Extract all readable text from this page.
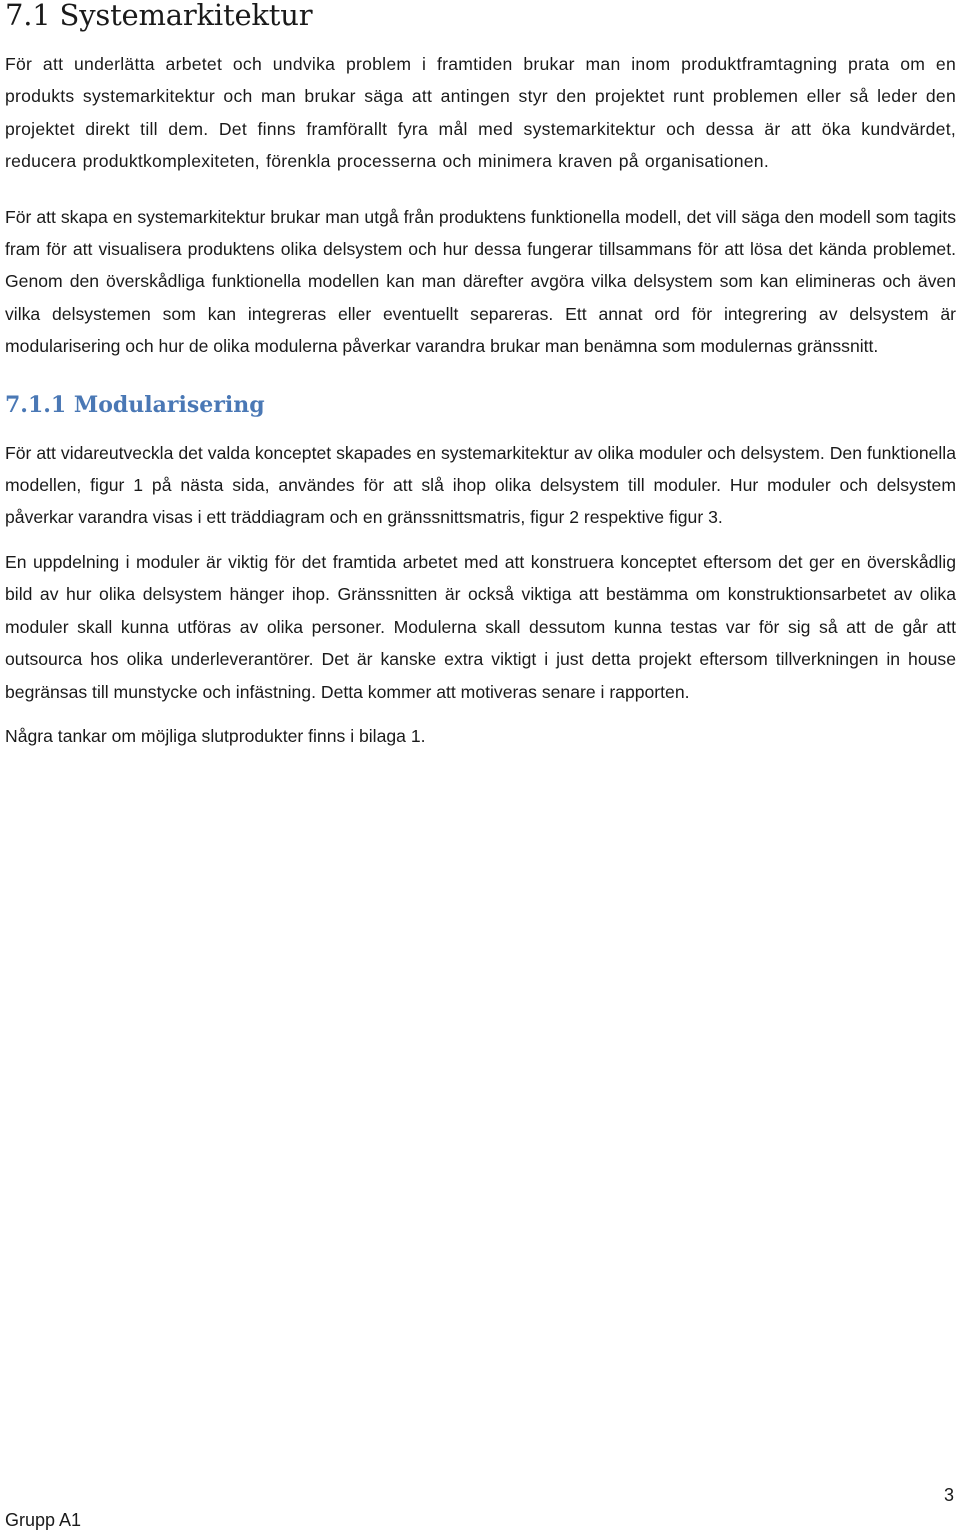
7.1 Systemarkitektur

För att underlätta arbetet och undvika problem i framtiden brukar man inom produktframtagning prata om en produkts systemarkitektur och man brukar säga att antingen styr den projektet runt problemen eller så leder den projektet direkt till dem. Det finns framförallt fyra mål med systemarkitektur och dessa är att öka kundvärdet, reducera produktkomplexiteten, förenkla processerna och minimera kraven på organisationen.

För att skapa en systemarkitektur brukar man utgå från produktens funktionella modell, det vill säga den modell som tagits fram för att visualisera produktens olika delsystem och hur dessa fungerar tillsammans för att lösa det kända problemet. Genom den överskådliga funktionella modellen kan man därefter avgöra vilka delsystem som kan elimineras och även vilka delsystemen som kan integreras eller eventuellt separeras. Ett annat ord för integrering av delsystem är modularisering och hur de olika modulerna påverkar varandra brukar man benämna som modulernas gränssnitt.

7.1.1 Modularisering

För att vidareutveckla det valda konceptet skapades en systemarkitektur av olika moduler och delsystem. Den funktionella modellen, figur 1 på nästa sida, användes för att slå ihop olika delsystem till moduler. Hur moduler och delsystem påverkar varandra visas i ett träddiagram och en gränssnittsmatris, figur 2 respektive figur 3.

En uppdelning i moduler är viktig för det framtida arbetet med att konstruera konceptet eftersom det ger en överskådlig bild av hur olika delsystem hänger ihop. Gränssnitten är också viktiga att bestämma om konstruktionsarbetet av olika moduler skall kunna utföras av olika personer. Modulerna skall dessutom kunna testas var för sig så att de går att outsourca hos olika underleverantörer. Det är kanske extra viktigt i just detta projekt eftersom tillverkningen in house begränsas till munstycke och infästning. Detta kommer att motiveras senare i rapporten.

Några tankar om möjliga slutprodukter finns i bilaga 1.

Grupp A1
3
